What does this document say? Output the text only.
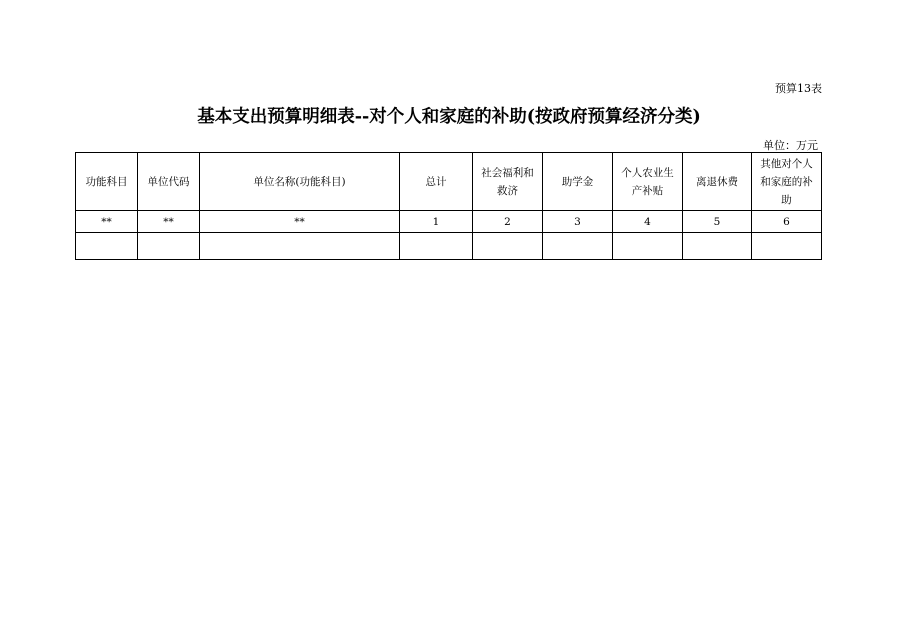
预算13表
基本支出预算明细表--对个人和家庭的补助(按政府预算经济分类)
单位：万元
功能科目	单位代码	单位名称(功能科目)	总计	社会福利和救济	助学金	个人农业生产补贴	离退休费	其他对个人和家庭的补助
**	**	**	1	2	3	4	5	6
